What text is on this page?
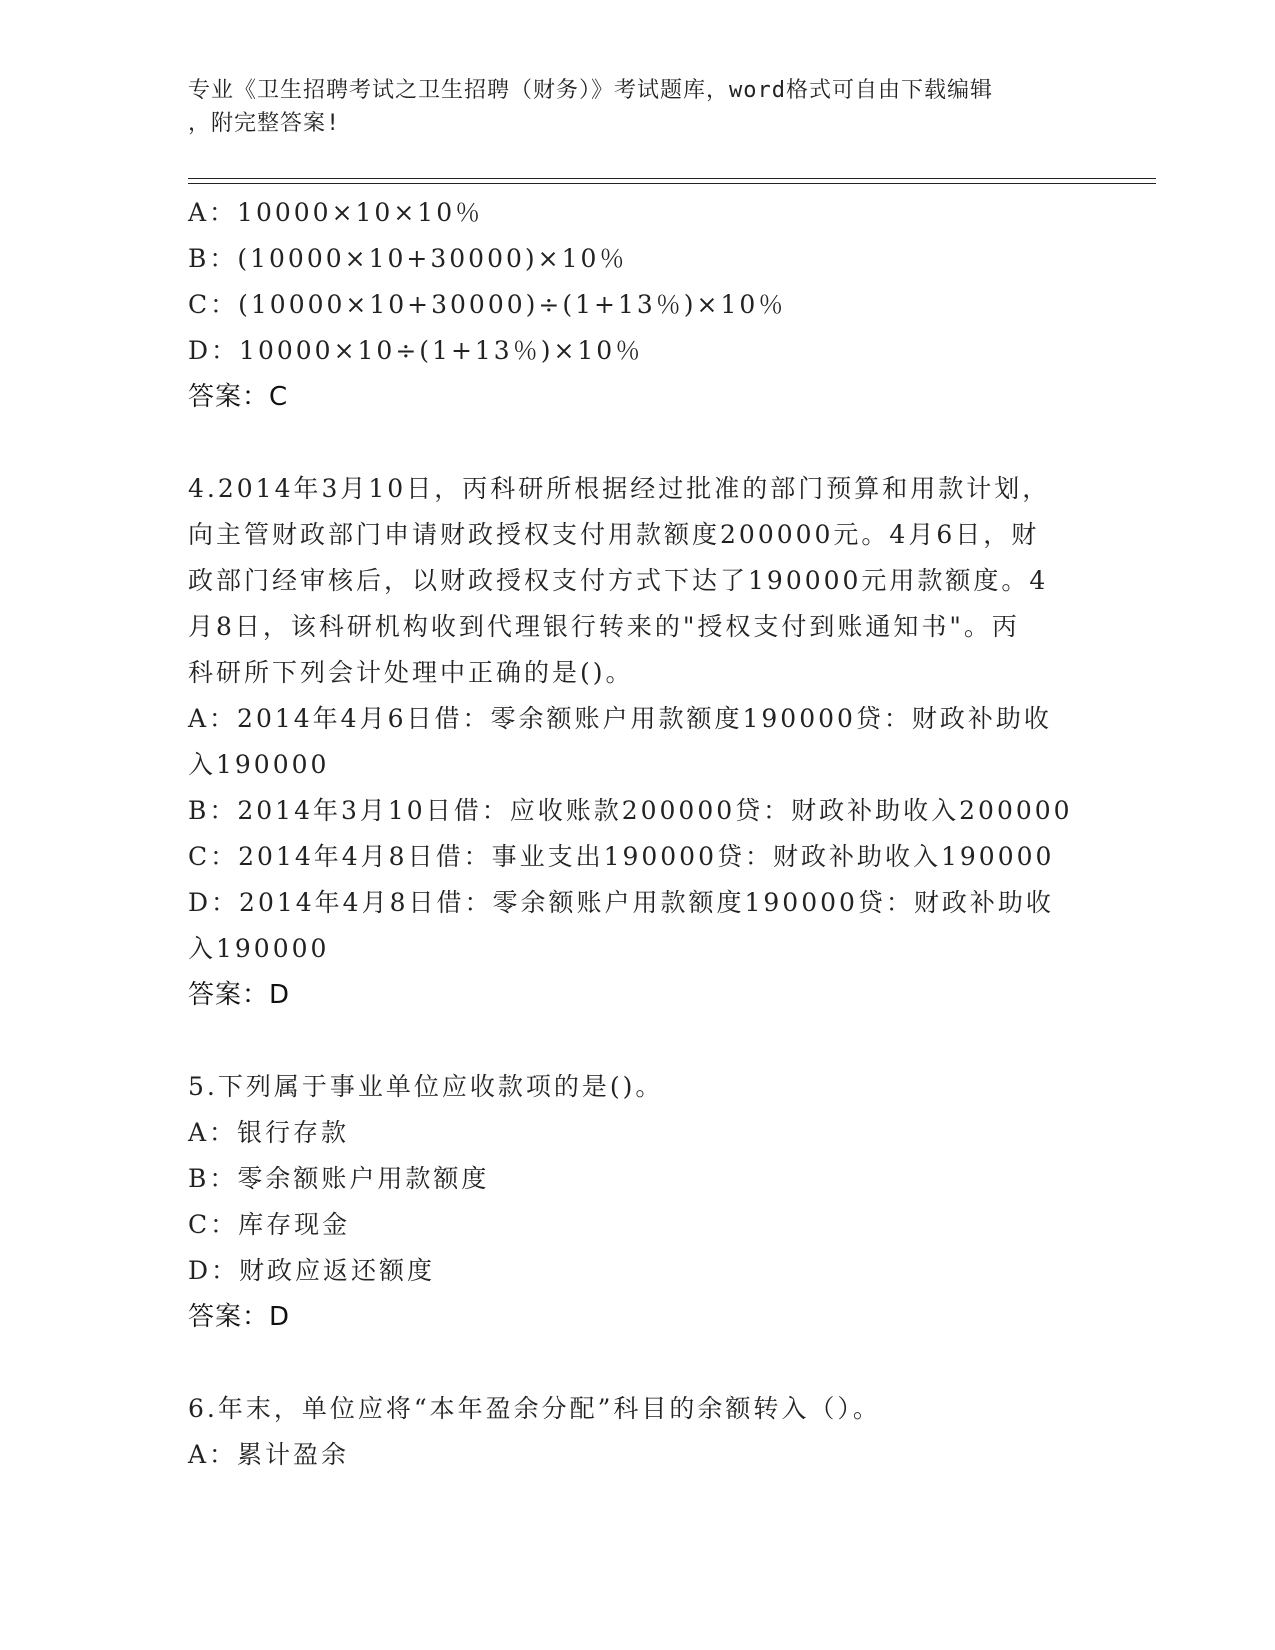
专业《卫生招聘考试之卫生招聘（财务）》考试题库，word格式可自由下载编辑
，附完整答案!
A：10000×10×10％
B：(10000×10+30000)×10％
C：(10000×10+30000)÷(1+13％)×10％
D：10000×10÷(1+13％)×10％
答案：C
4.2014年3月10日，丙科研所根据经过批准的部门预算和用款计划，
向主管财政部门申请财政授权支付用款额度200000元。4月6日，财
政部门经审核后，以财政授权支付方式下达了190000元用款额度。4
月8日，该科研机构收到代理银行转来的"授权支付到账通知书"。丙
科研所下列会计处理中正确的是()。
A：2014年4月6日借：零余额账户用款额度190000贷：财政补助收
入190000
B：2014年3月10日借：应收账款200000贷：财政补助收入200000
C：2014年4月8日借：事业支出190000贷：财政补助收入190000
D：2014年4月8日借：零余额账户用款额度190000贷：财政补助收
入190000
答案：D
5.下列属于事业单位应收款项的是()。
A：银行存款
B：零余额账户用款额度
C：库存现金
D：财政应返还额度
答案：D
6.年末，单位应将“本年盈余分配”科目的余额转入（）。
A：累计盈余
